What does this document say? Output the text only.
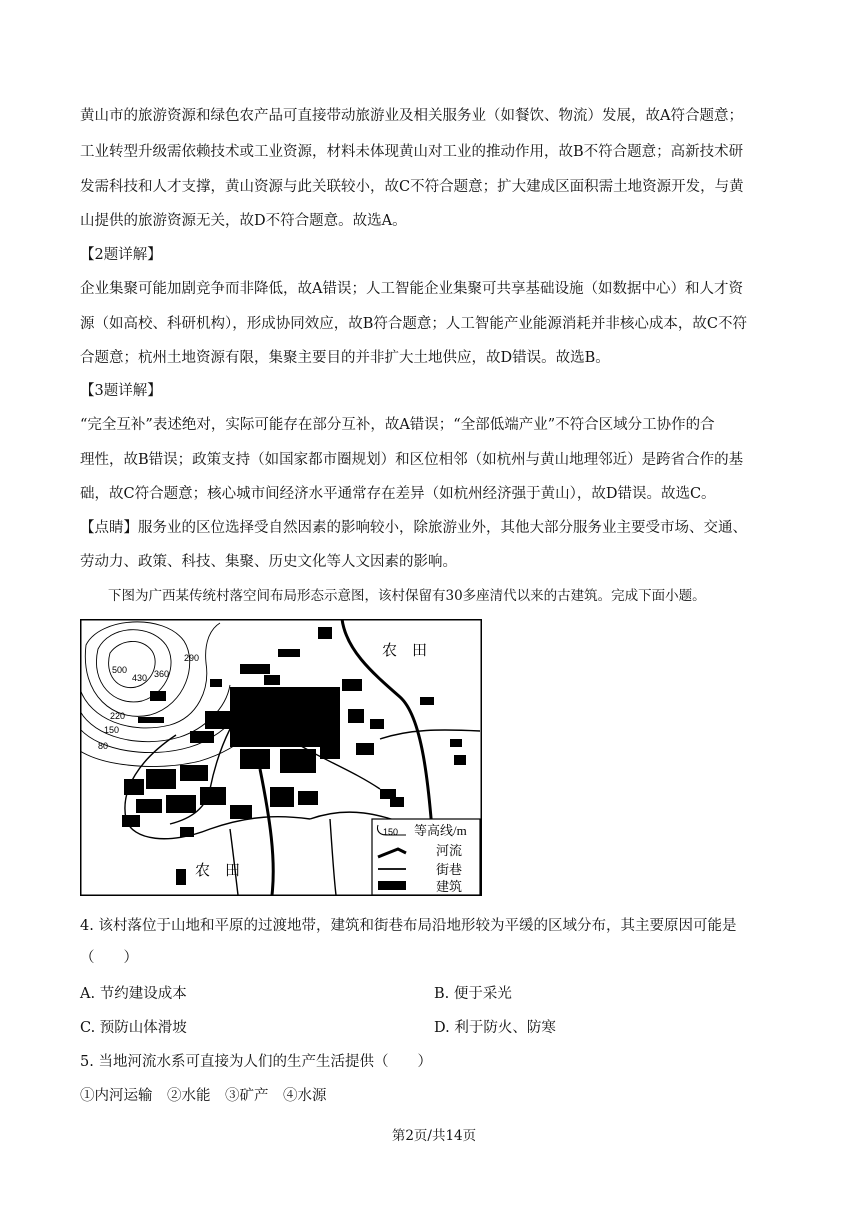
黄山市的旅游资源和绿色农产品可直接带动旅游业及相关服务业（如餐饮、物流）发展，故A符合题意；
工业转型升级需依赖技术或工业资源，材料未体现黄山对工业的推动作用，故B不符合题意；高新技术研
发需科技和人才支撑，黄山资源与此关联较小，故C不符合题意；扩大建成区面积需土地资源开发，与黄
山提供的旅游资源无关，故D不符合题意。故选A。
【2题详解】
企业集聚可能加剧竞争而非降低，故A错误；人工智能企业集聚可共享基础设施（如数据中心）和人才资
源（如高校、科研机构），形成协同效应，故B符合题意；人工智能产业能源消耗并非核心成本，故C不符
合题意；杭州土地资源有限，集聚主要目的并非扩大土地供应，故D错误。故选B。
【3题详解】
“完全互补”表述绝对，实际可能存在部分互补，故A错误；“全部低端产业”不符合区域分工协作的合
理性，故B错误；政策支持（如国家都市圈规划）和区位相邻（如杭州与黄山地理邻近）是跨省合作的基
础，故C符合题意；核心城市间经济水平通常存在差异（如杭州经济强于黄山），故D错误。故选C。
【点睛】服务业的区位选择受自然因素的影响较小，除旅游业外，其他大部分服务业主要受市场、交通、
劳动力、政策、科技、集聚、历史文化等人文因素的影响。
下图为广西某传统村落空间布局形态示意图，该村保留有30多座清代以来的古建筑。完成下面小题。
农　田
农　田
500
430 360
290
220
150
80
150 等高线/m
河流
街巷
建筑
4. 该村落位于山地和平原的过渡地带，建筑和街巷布局沿地形较为平缓的区域分布，其主要原因可能是
（　　）
A. 节约建设成本	B. 便于采光
C. 预防山体滑坡	D. 利于防火、防寒
5. 当地河流水系可直接为人们的生产生活提供（　　）
①内河运输　②水能　③矿产　④水源
第2页/共14页
